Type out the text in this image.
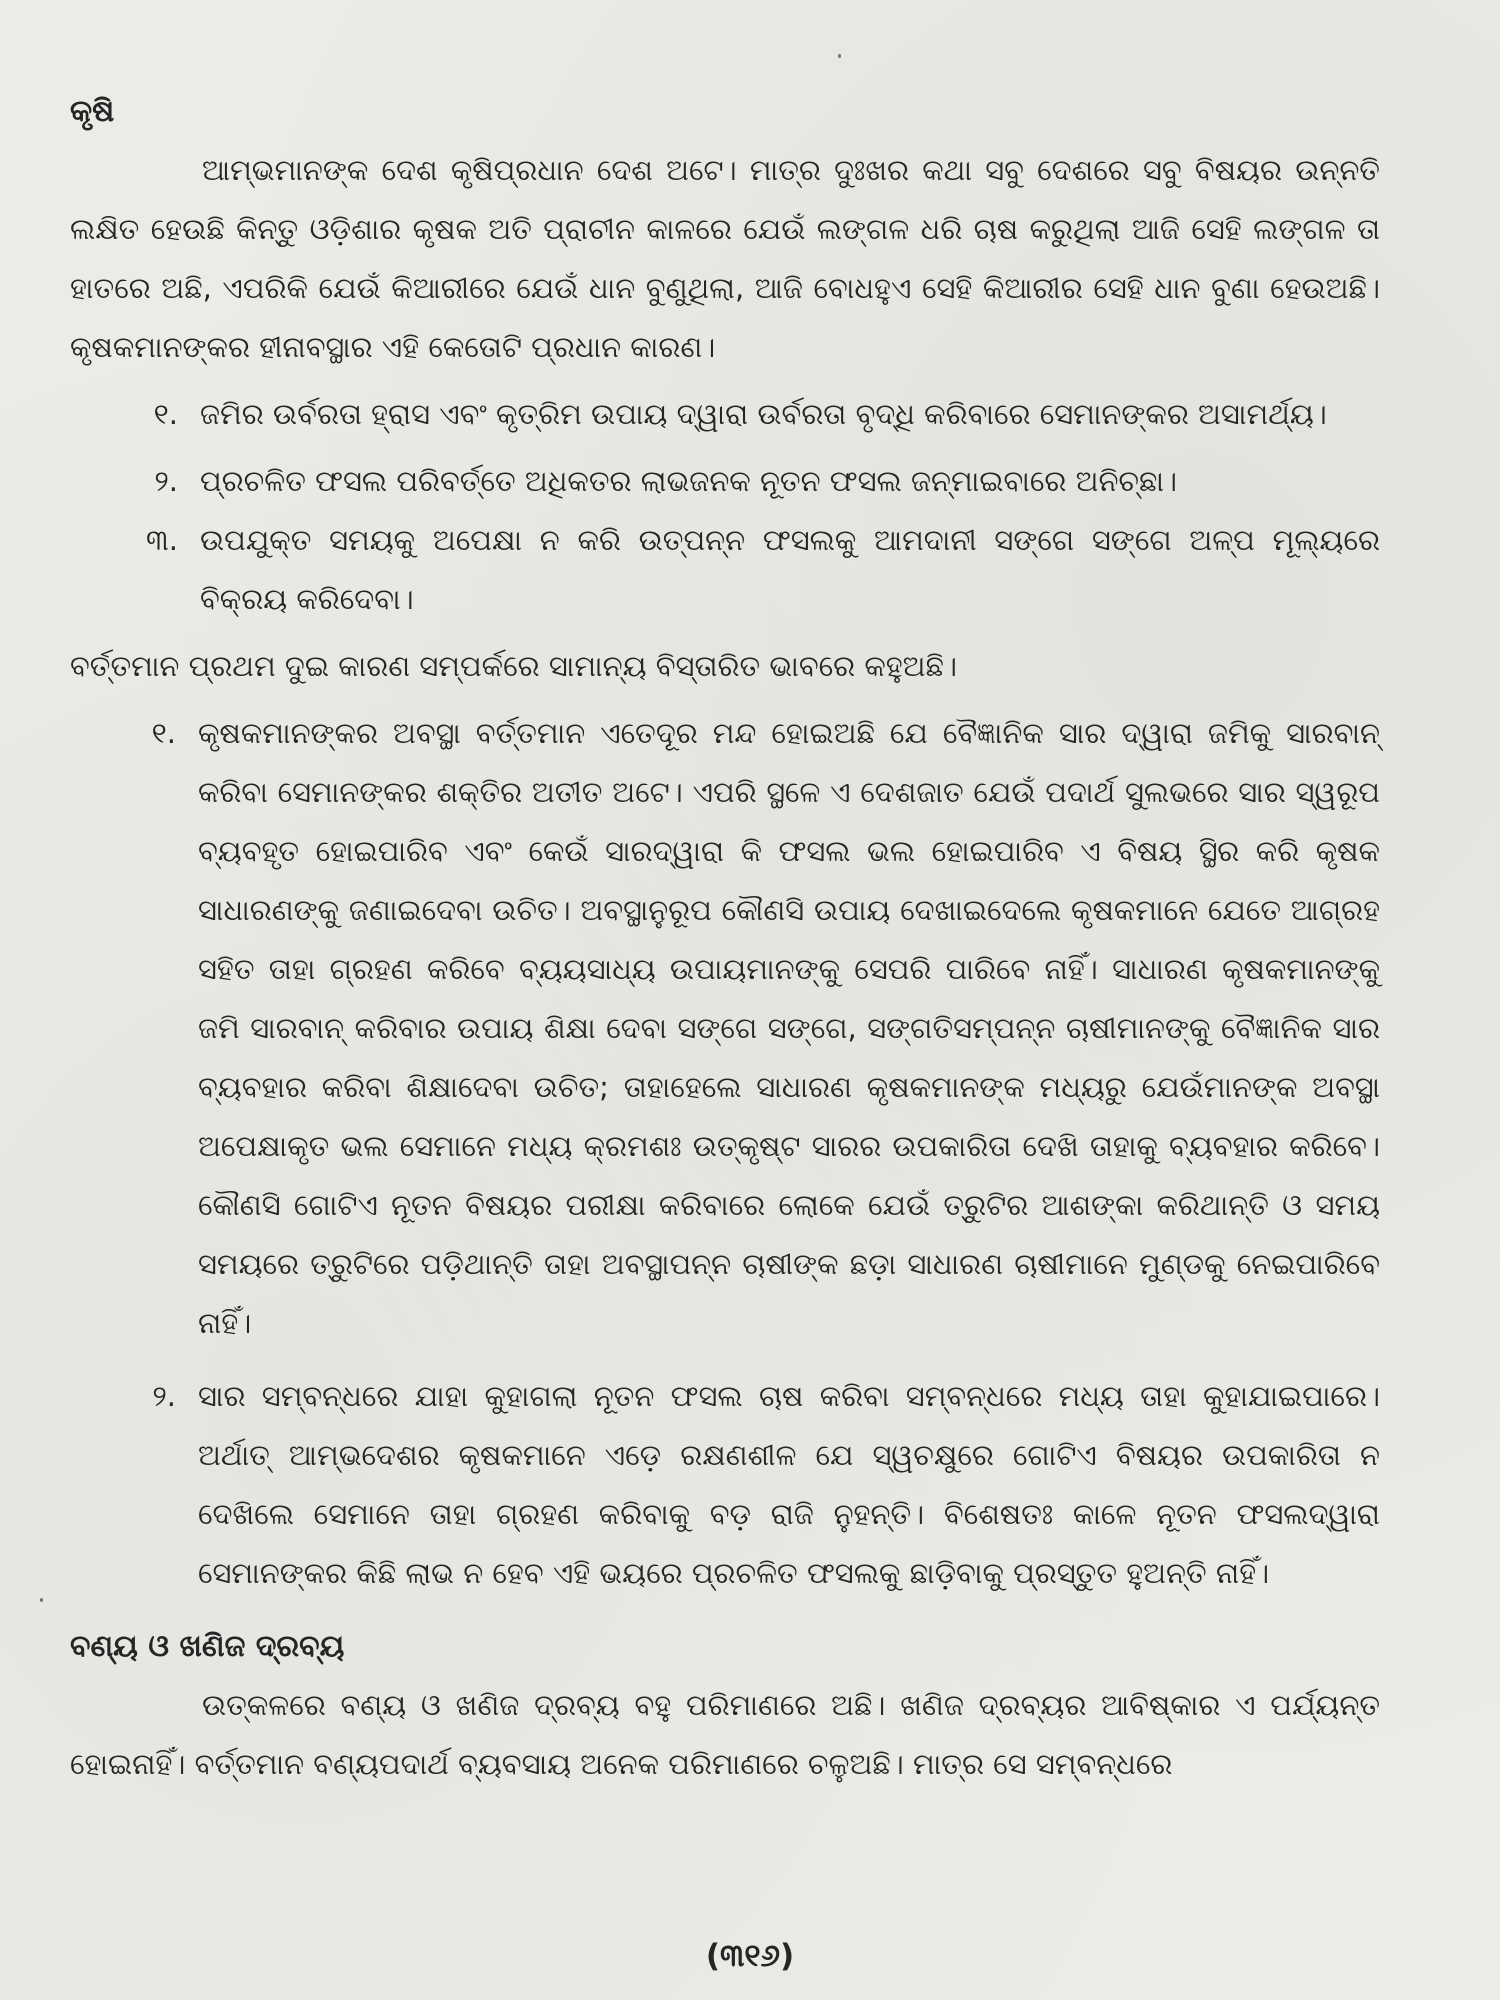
କୃଷି

ଆମ୍ଭମାନଙ୍କ ଦେଶ କୃଷିପ୍ରଧାନ ଦେଶ ଅଟେ। ମାତ୍ର ଦୁଃଖର କଥା ସବୁ ଦେଶରେ ସବୁ ବିଷୟର ଉନ୍ନତି ଲକ୍ଷିତ ହେଉଛି କିନ୍ତୁ ଓଡ଼ିଶାର କୃଷକ ଅତି ପ୍ରାଚୀନ କାଳରେ ଯେଉଁ ଲଙ୍ଗଳ ଧରି ଚାଷ କରୁଥିଲା ଆଜି ସେହି ଲଙ୍ଗଳ ତା ହାତରେ ଅଛି, ଏପରିକି ଯେଉଁ କିଆରୀରେ ଯେଉଁ ଧାନ ବୁଣୁଥିଲା, ଆଜି ବୋଧହୁଏ ସେହି କିଆରୀର ସେହି ଧାନ ବୁଣା ହେଉଅଛି। କୃଷକମାନଙ୍କର ହୀନାବସ୍ଥାର ଏହି କେତୋଟି ପ୍ରଧାନ କାରଣ।

୧. ଜମିର ଉର୍ବରତା ହ୍ରାସ ଏବଂ କୃତ୍ରିମ ଉପାୟ ଦ୍ୱାରା ଉର୍ବରତା ବୃଦ୍ଧି କରିବାରେ ସେମାନଙ୍କର ଅସାମର୍ଥ୍ୟ।
୨. ପ୍ରଚଳିତ ଫସଲ ପରିବର୍ତ୍ତେ ଅଧିକତର ଲାଭଜନକ ନୂତନ ଫସଲ ଜନ୍ମାଇବାରେ ଅନିଚ୍ଛା।
୩. ଉପଯୁକ୍ତ ସମୟକୁ ଅପେକ୍ଷା ନ କରି ଉତ୍ପନ୍ନ ଫସଲକୁ ଆମଦାନୀ ସଙ୍ଗେ ସଙ୍ଗେ ଅଳ୍ପ ମୂଲ୍ୟରେ ବିକ୍ରୟ କରିଦେବା।

ବର୍ତ୍ତମାନ ପ୍ରଥମ ଦୁଇ କାରଣ ସମ୍ପର୍କରେ ସାମାନ୍ୟ ବିସ୍ତାରିତ ଭାବରେ କହୁଅଛି।

୧. କୃଷକମାନଙ୍କର ଅବସ୍ଥା ବର୍ତ୍ତମାନ ଏତେଦୂର ମନ୍ଦ ହୋଇଅଛି ଯେ ବୈଜ୍ଞାନିକ ସାର ଦ୍ୱାରା ଜମିକୁ ସାରବାନ୍ କରିବା ସେମାନଙ୍କର ଶକ୍ତିର ଅତୀତ ଅଟେ। ଏପରି ସ୍ଥଳେ ଏ ଦେଶଜାତ ଯେଉଁ ପଦାର୍ଥ ସୁଲଭରେ ସାର ସ୍ୱରୂପ ବ୍ୟବହୃତ ହୋଇପାରିବ ଏବଂ କେଉଁ ସାରଦ୍ୱାରା କି ଫସଲ ଭଲ ହୋଇପାରିବ ଏ ବିଷୟ ସ୍ଥିର କରି କୃଷକ ସାଧାରଣଙ୍କୁ ଜଣାଇଦେବା ଉଚିତ। ଅବସ୍ଥାନୁରୂପ କୌଣସି ଉପାୟ ଦେଖାଇଦେଲେ କୃଷକମାନେ ଯେତେ ଆଗ୍ରହ ସହିତ ତାହା ଗ୍ରହଣ କରିବେ ବ୍ୟୟସାଧ୍ୟ ଉପାୟମାନଙ୍କୁ ସେପରି ପାରିବେ ନାହିଁ। ସାଧାରଣ କୃଷକମାନଙ୍କୁ ଜମି ସାରବାନ୍ କରିବାର ଉପାୟ ଶିକ୍ଷା ଦେବା ସଙ୍ଗେ ସଙ୍ଗେ, ସଙ୍ଗତିସମ୍ପନ୍ନ ଚାଷୀମାନଙ୍କୁ ବୈଜ୍ଞାନିକ ସାର ବ୍ୟବହାର କରିବା ଶିକ୍ଷାଦେବା ଉଚିତ; ତାହାହେଲେ ସାଧାରଣ କୃଷକମାନଙ୍କ ମଧ୍ୟରୁ ଯେଉଁମାନଙ୍କ ଅବସ୍ଥା ଅପେକ୍ଷାକୃତ ଭଲ ସେମାନେ ମଧ୍ୟ କ୍ରମଶଃ ଉତ୍କୃଷ୍ଟ ସାରର ଉପକାରିତା ଦେଖି ତାହାକୁ ବ୍ୟବହାର କରିବେ। କୌଣସି ଗୋଟିଏ ନୂତନ ବିଷୟର ପରୀକ୍ଷା କରିବାରେ ଲୋକେ ଯେଉଁ ତ୍ରୁଟିର ଆଶଙ୍କା କରିଥାନ୍ତି ଓ ସମୟ ସମୟରେ ତ୍ରୁଟିରେ ପଡ଼ିଥାନ୍ତି ତାହା ଅବସ୍ଥାପନ୍ନ ଚାଷୀଙ୍କ ଛଡ଼ା ସାଧାରଣ ଚାଷୀମାନେ ମୁଣ୍ଡକୁ ନେଇପାରିବେ ନାହିଁ।
୨. ସାର ସମ୍ବନ୍ଧରେ ଯାହା କୁହାଗଲା ନୂତନ ଫସଲ ଚାଷ କରିବା ସମ୍ବନ୍ଧରେ ମଧ୍ୟ ତାହା କୁହାଯାଇପାରେ। ଅର୍ଥାତ୍ ଆମ୍ଭଦେଶର କୃଷକମାନେ ଏଡ଼େ ରକ୍ଷଣଶୀଳ ଯେ ସ୍ୱଚକ୍ଷୁରେ ଗୋଟିଏ ବିଷୟର ଉପକାରିତା ନ ଦେଖିଲେ ସେମାନେ ତାହା ଗ୍ରହଣ କରିବାକୁ ବଡ଼ ରାଜି ନୁହନ୍ତି। ବିଶେଷତଃ କାଳେ ନୂତନ ଫସଲଦ୍ୱାରା ସେମାନଙ୍କର କିଛି ଲାଭ ନ ହେବ ଏହି ଭୟରେ ପ୍ରଚଳିତ ଫସଲକୁ ଛାଡ଼ିବାକୁ ପ୍ରସ୍ତୁତ ହୁଅନ୍ତି ନାହିଁ।
ବଣ୍ୟ ଓ ଖଣିଜ ଦ୍ରବ୍ୟ

ଉତ୍କଳରେ ବଣ୍ୟ ଓ ଖଣିଜ ଦ୍ରବ୍ୟ ବହୁ ପରିମାଣରେ ଅଛି। ଖଣିଜ ଦ୍ରବ୍ୟର ଆବିଷ୍କାର ଏ ପର୍ଯ୍ୟନ୍ତ ହୋଇନାହିଁ। ବର୍ତ୍ତମାନ ବଣ୍ୟପଦାର୍ଥ ବ୍ୟବସାୟ ଅନେକ ପରିମାଣରେ ଚଳୁଅଛି। ମାତ୍ର ସେ ସମ୍ବନ୍ଧରେ

(୩୧୬)
